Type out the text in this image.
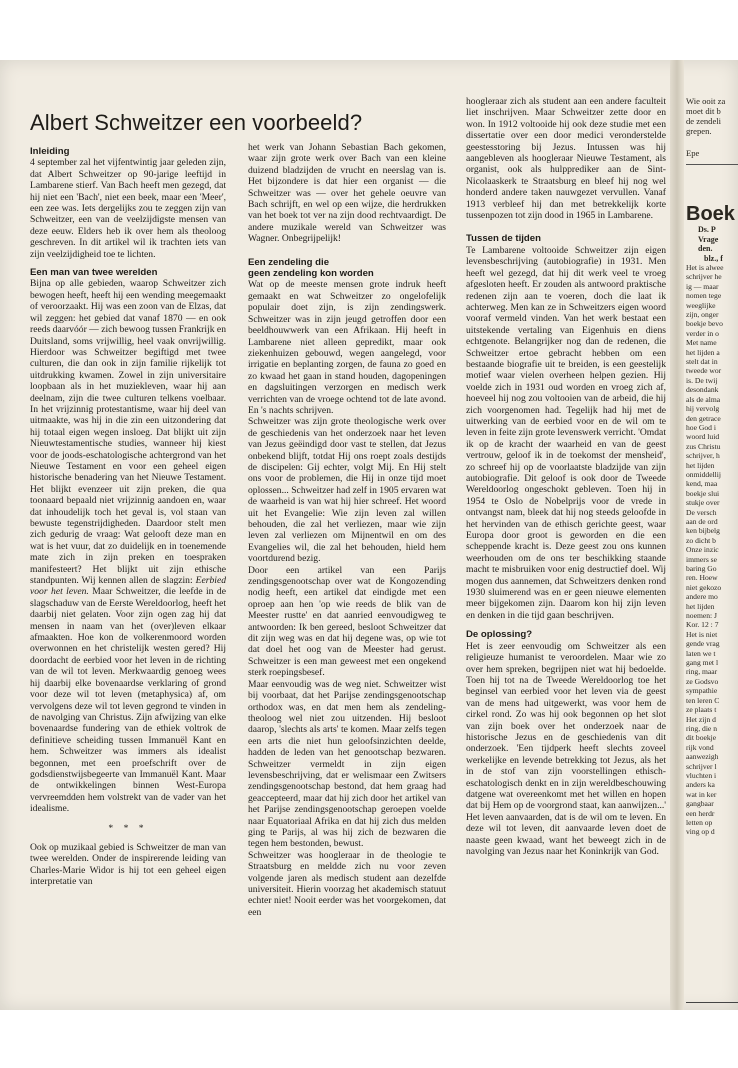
Albert Schweitzer een voorbeeld?
Inleiding

4 september zal het vijfentwintig jaar geleden zijn, dat Albert Schweitzer op 90-jarige leeftijd in Lambarene stierf. Van Bach heeft men gezegd, dat hij niet een 'Bach', niet een beek, maar een 'Meer', een zee was. Iets dergelijks zou te zeggen zijn van Schweitzer, een van de veelzijdigste mensen van deze eeuw. Elders heb ik over hem als theoloog geschreven. In dit artikel wil ik trachten iets van zijn veelzijdigheid toe te lichten.

Een man van twee werelden

Bijna op alle gebieden, waarop Schweitzer zich bewogen heeft, heeft hij een wending meegemaakt of veroorzaakt. Hij was een zoon van de Elzas, dat wil zeggen: het gebied dat vanaf 1870 — en ook reeds daarvóór — zich bewoog tussen Frankrijk en Duitsland, soms vrijwillig, heel vaak onvrijwillig. Hierdoor was Schweitzer begiftigd met twee culturen, die dan ook in zijn familie rijkelijk tot uitdrukking kwamen. Zowel in zijn universitaire loopbaan als in het muziekleven, waar hij aan deelnam, zijn die twee culturen telkens voelbaar. In het vrijzinnig protestantisme, waar hij deel van uitmaakte, was hij in die zin een uitzondering dat hij totaal eigen wegen insloeg. Dat blijkt uit zijn Nieuwtestamentische studies, wanneer hij kiest voor de joods-eschatologische achtergrond van het Nieuwe Testament en voor een geheel eigen historische benadering van het Nieuwe Testament. Het blijkt evenzeer uit zijn preken, die qua toonaard bepaald niet vrijzinnig aandoen en, waar dat inhoudelijk toch het geval is, vol staan van bewuste tegenstrijdigheden. Daardoor stelt men zich gedurig de vraag: Wat gelooft deze man en wat is het vuur, dat zo duidelijk en in toenemende mate zich in zijn preken en toespraken manifesteert? Het blijkt uit zijn ethische standpunten. Wij kennen allen de slagzin: Eerbied voor het leven. Maar Schweitzer, die leefde in de slagschaduw van de Eerste Wereldoorlog, heeft het daarbij niet gelaten. Voor zijn ogen zag hij dat mensen in naam van het (over)leven elkaar afmaakten. Hoe kon de volkerenmoord worden overwonnen en het christelijk westen gered? Hij doordacht de eerbied voor het leven in de richting van de wil tot leven. Merkwaardig genoeg wees hij daarbij elke bovenaardse verklaring of grond voor deze wil tot leven (metaphysica) af, om vervolgens deze wil tot leven gegrond te vinden in de navolging van Christus. Zijn afwijzing van elke bovenaardse fundering van de ethiek voltrok de definitieve scheiding tussen Immanuël Kant en hem. Schweitzer was immers als idealist begonnen, met een proefschrift over de godsdienstwijsbegeerte van Immanuël Kant. Maar de ontwikkelingen binnen West-Europa vervreemdden hem volstrekt van de vader van het idealisme.

* * *

Ook op muzikaal gebied is Schweitzer de man van twee werelden. Onder de inspirerende leiding van Charles-Marie Widor is hij tot een geheel eigen interpretatie van

het werk van Johann Sebastian Bach gekomen, waar zijn grote werk over Bach van een kleine duizend bladzijden de vrucht en neerslag van is. Het bijzondere is dat hier een organist — die Schweitzer was — over het gehele oeuvre van Bach schrijft, en wel op een wijze, die herdrukken van het boek tot ver na zijn dood rechtvaardigt. De andere muzikale wereld van Schweitzer was Wagner. Onbegrijpelijk!

Een zendeling die
geen zendeling kon worden

Wat op de meeste mensen grote indruk heeft gemaakt en wat Schweitzer zo ongelofelijk populair doet zijn, is zijn zendingswerk. Schweitzer was in zijn jeugd getroffen door een beeldhouwwerk van een Afrikaan. Hij heeft in Lambarene niet alleen gepredikt, maar ook ziekenhuizen gebouwd, wegen aangelegd, voor irrigatie en beplanting zorgen, de fauna zo goed en zo kwaad het gaan in stand houden, dagopeningen en dagsluitingen verzorgen en medisch werk verrichten van de vroege ochtend tot de late avond. En 's nachts schrijven.

Schweitzer was zijn grote theologische werk over de geschiedenis van het onderzoek naar het leven van Jezus geëindigd door vast te stellen, dat Jezus onbekend blijft, totdat Hij ons roept zoals destijds de discipelen: Gij echter, volgt Mij. En Hij stelt ons voor de problemen, die Hij in onze tijd moet oplossen... Schweitzer had zelf in 1905 ervaren wat de waarheid is van wat hij hier schreef. Het woord uit het Evangelie: Wie zijn leven zal willen behouden, die zal het verliezen, maar wie zijn leven zal verliezen om Mijnentwil en om des Evangelies wil, die zal het behouden, hield hem voortdurend bezig.

Door een artikel van een Parijs zendingsgenootschap over wat de Kongozending nodig heeft, een artikel dat eindigde met een oproep aan hen 'op wie reeds de blik van de Meester rustte' en dat aanried eenvoudigweg te antwoorden: Ik ben gereed, besloot Schweitzer dat dit zijn weg was en dat hij degene was, op wie tot dat doel het oog van de Meester had gerust. Schweitzer is een man geweest met een ongekend sterk roepingsbesef.

Maar eenvoudig was de weg niet. Schweitzer wist bij voorbaat, dat het Parijse zendingsgenootschap orthodox was, en dat men hem als zendeling-theoloog wel niet zou uitzenden. Hij besloot daarop, 'slechts als arts' te komen. Maar zelfs tegen een arts die niet hun geloofsinzichten deelde, hadden de leden van het genootschap bezwaren. Schweitzer vermeldt in zijn eigen levensbeschrijving, dat er welismaar een Zwitsers zendingsgenootschap bestond, dat hem graag had geaccepteerd, maar dat hij zich door het artikel van het Parijse zendingsgenootschap geroepen voelde naar Equatoriaal Afrika en dat hij zich dus melden ging te Parijs, al was hij zich de bezwaren die tegen hem bestonden, bewust.

Schweitzer was hoogleraar in de theologie te Straatsburg en meldde zich nu voor zeven volgende jaren als medisch student aan dezelfde universiteit. Hierin voorzag het akademisch statuut echter niet! Nooit eerder was het voorgekomen, dat een

hoogleraar zich als student aan een andere faculteit liet inschrijven. Maar Schweitzer zette door en won. In 1912 voltooide hij ook deze studie met een dissertatie over een door medici veronderstelde geestesstoring bij Jezus. Intussen was hij aangebleven als hoogleraar Nieuwe Testament, als organist, ook als hulpprediker aan de Sint-Nicolaaskerk te Straatsburg en bleef hij nog wel honderd andere taken nauwgezet vervullen. Vanaf 1913 verbleef hij dan met betrekkelijk korte tussenpozen tot zijn dood in 1965 in Lambarene.

Tussen de tijden

Te Lambarene voltooide Schweitzer zijn eigen levensbeschrijving (autobiografie) in 1931. Men heeft wel gezegd, dat hij dit werk veel te vroeg afgesloten heeft. Er zouden als antwoord praktische redenen zijn aan te voeren, doch die laat ik achterweg. Men kan ze in Schweitzers eigen woord vooraf vermeld vinden. Van het werk bestaat een uitstekende vertaling van Eigenhuis en diens echtgenote. Belangrijker nog dan de redenen, die Schweitzer ertoe gebracht hebben om een bestaande biografie uit te breiden, is een geestelijk motief waar vielen overheen helpen gezien. Hij voelde zich in 1931 oud worden en vroeg zich af, hoeveel hij nog zou voltooien van de arbeid, die hij zich voorgenomen had. Tegelijk had hij met de uitwerking van de eerbied voor en de wil om te leven in feite zijn grote levenswerk verricht. 'Omdat ik op de kracht der waarheid en van de geest vertrouw, geloof ik in de toekomst der mensheid', zo schreef hij op de voorlaatste bladzijde van zijn autobiografie. Dit geloof is ook door de Tweede Wereldoorlog ongeschokt gebleven. Toen hij in 1954 te Oslo de Nobelprijs voor de vrede in ontvangst nam, bleek dat hij nog steeds geloofde in het hervinden van de ethisch gerichte geest, waar Europa door groot is geworden en die een scheppende kracht is. Deze geest zou ons kunnen weerhouden om de ons ter beschikking staande macht te misbruiken voor enig destructief doel. Wij mogen dus aannemen, dat Schweitzers denken rond 1930 sluimerend was en er geen nieuwe elementen meer bijgekomen zijn. Daarom kon hij zijn leven en denken in die tijd gaan beschrijven.

De oplossing?

Het is zeer eenvoudig om Schweitzer als een religieuze humanist te veroordelen. Maar wie zo over hem spreken, begrijpen niet wat hij bedoelde. Toen hij tot na de Tweede Wereldoorlog toe het beginsel van eerbied voor het leven via de geest van de mens had uitgewerkt, was voor hem de cirkel rond. Zo was hij ook begonnen op het slot van zijn boek over het onderzoek naar de historische Jezus en de geschiedenis van dit onderzoek. 'Een tijdperk heeft slechts zoveel werkelijke en levende betrekking tot Jezus, als het in de stof van zijn voorstellingen ethisch-eschatologisch denkt en in zijn wereldbeschouwing datgene wat overeenkomt met het willen en hopen dat bij Hem op de voorgrond staat, kan aanwijzen...' Het leven aanvaarden, dat is de wil om te leven. En deze wil tot leven, dit aanvaarde leven doet de naaste geen kwaad, want het beweegt zich in de navolging van Jezus naar het Koninkrijk van God.

Wie ooit za
moet dit b
de zendeli
grepen.
Epe
Boek
Ds. P
Vrage
den.
blz., f
Het is alwee
schrijver he
ig — maar
nomen tege
weeglijke
zijn, onger
boekje bevo
verder in o
Met name
het lijden a
stelt dat in
tweede wor
is. De twij
desondank
als de alma
hij vervolg
den getrace
hoe God i
woord luid
zus Christu
schrijver, h
het lijden
onmiddellij
kend, maa
boekje slui
stukje over
De versch
aan de ord
ken bijbelg
zo dicht b
Onze inzic
immers se
baring Go
ren. Hoew
niet gekozo
andere mo
het lijden
noemen: J
Kor. 12 : 7
Het is niet
gende vrag
laten we t
gang met l
ring, maar
ze Godsvo
sympathie
ten leren C
ze plaats t
Het zijn d
ring, die n
dit boekje
rijk vond
aanwezigh
schrijver l
vluchten i
anders ka
wat in ker
gangbaar
een herdr
letten op
ving op d
